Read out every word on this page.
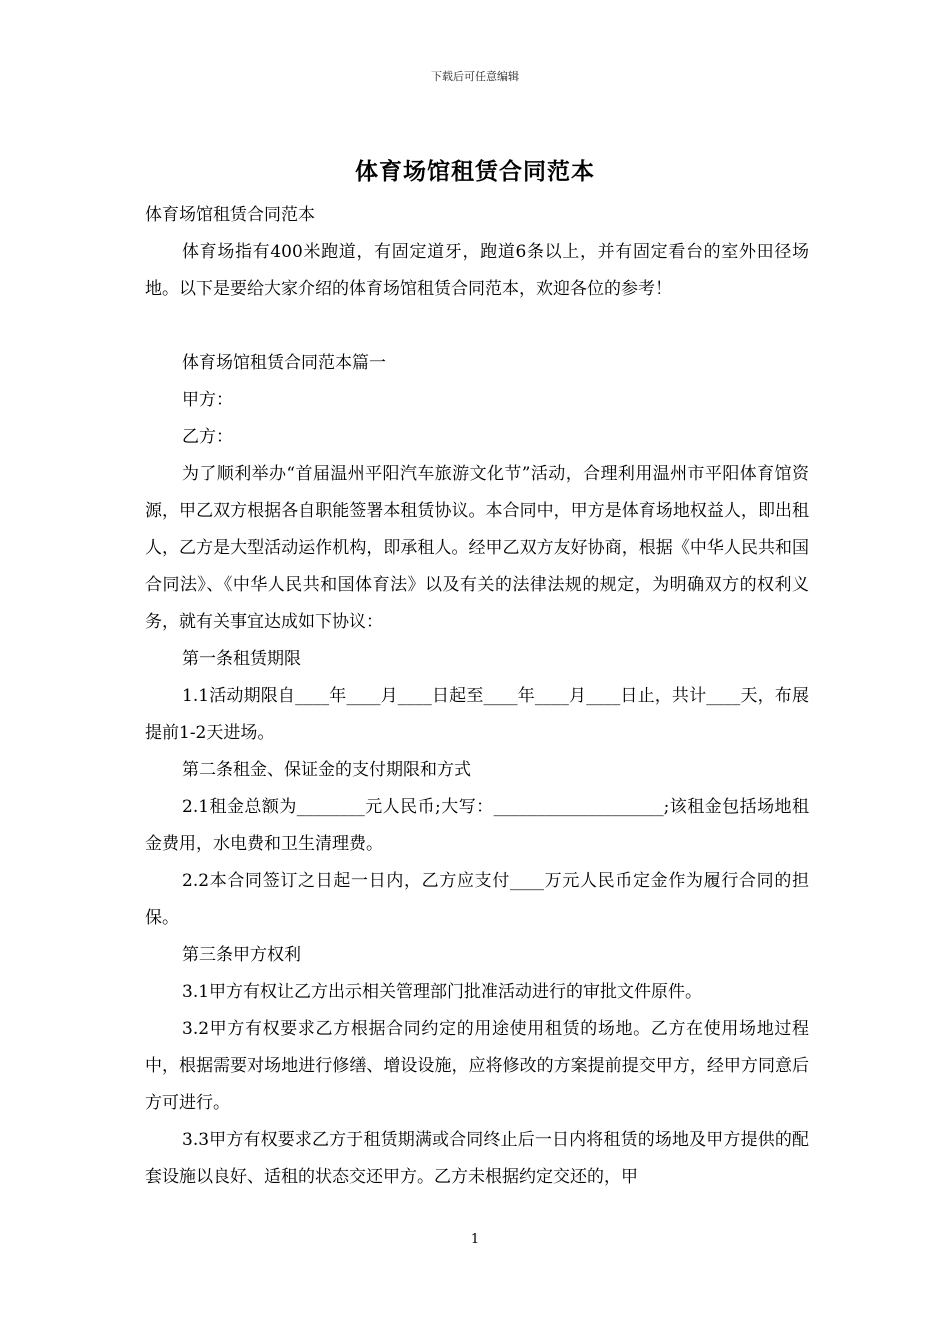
下载后可任意编辑
体育场馆租赁合同范本

体育场馆租赁合同范本

体育场指有400米跑道，有固定道牙，跑道6条以上，并有固定看台的室外田径场地。以下是要给大家介绍的体育场馆租赁合同范本，欢迎各位的参考！

体育场馆租赁合同范本篇一

甲方：

乙方：

为了顺利举办“首届温州平阳汽车旅游文化节”活动，合理利用温州市平阳体育馆资源，甲乙双方根据各自职能签署本租赁协议。本合同中，甲方是体育场地权益人，即出租人，乙方是大型活动运作机构，即承租人。经甲乙双方友好协商，根据《中华人民共和国合同法》、《中华人民共和国体育法》以及有关的法律法规的规定，为明确双方的权利义务，就有关事宜达成如下协议：

第一条租赁期限

1.1活动期限自____年____月____日起至____年____月____日止，共计____天，布展提前1-2天进场。

第二条租金、保证金的支付期限和方式

2.1租金总额为________元人民币;大写：____________________;该租金包括场地租金费用，水电费和卫生清理费。

2.2本合同签订之日起一日内，乙方应支付____万元人民币定金作为履行合同的担保。

第三条甲方权利

3.1甲方有权让乙方出示相关管理部门批准活动进行的审批文件原件。

3.2甲方有权要求乙方根据合同约定的用途使用租赁的场地。乙方在使用场地过程中，根据需要对场地进行修缮、增设设施，应将修改的方案提前提交甲方，经甲方同意后方可进行。

3.3甲方有权要求乙方于租赁期满或合同终止后一日内将租赁的场地及甲方提供的配套设施以良好、适租的状态交还甲方。乙方未根据约定交还的，甲

1
